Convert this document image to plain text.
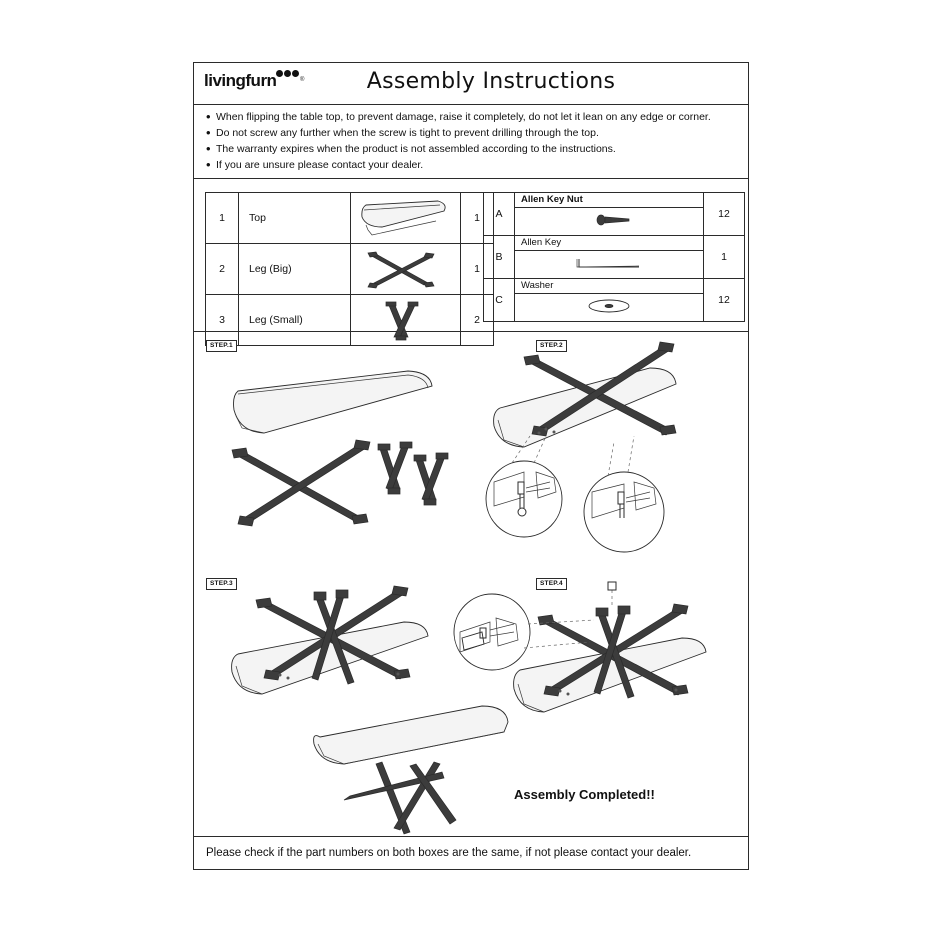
livingfurn	®	Assembly Instructions
• When flipping the table top, to prevent damage, raise it completely, do not let it lean on any edge or corner.
• Do not screw any further when the screw is tight to prevent drilling through the top.
• The warranty expires when the product is not assembled according to the instructions.
• If you are unsure please contact your dealer.
1	Top		1
2	Leg (Big)		1
3	Leg (Small)		2
A	Allen Key Nut	12
B	Allen Key	1
C	Washer	12
STEP.1	STEP.2
STEP.3	STEP.4
Assembly Completed!!
Please check if the part numbers on both boxes are the same, if not please contact your dealer.
